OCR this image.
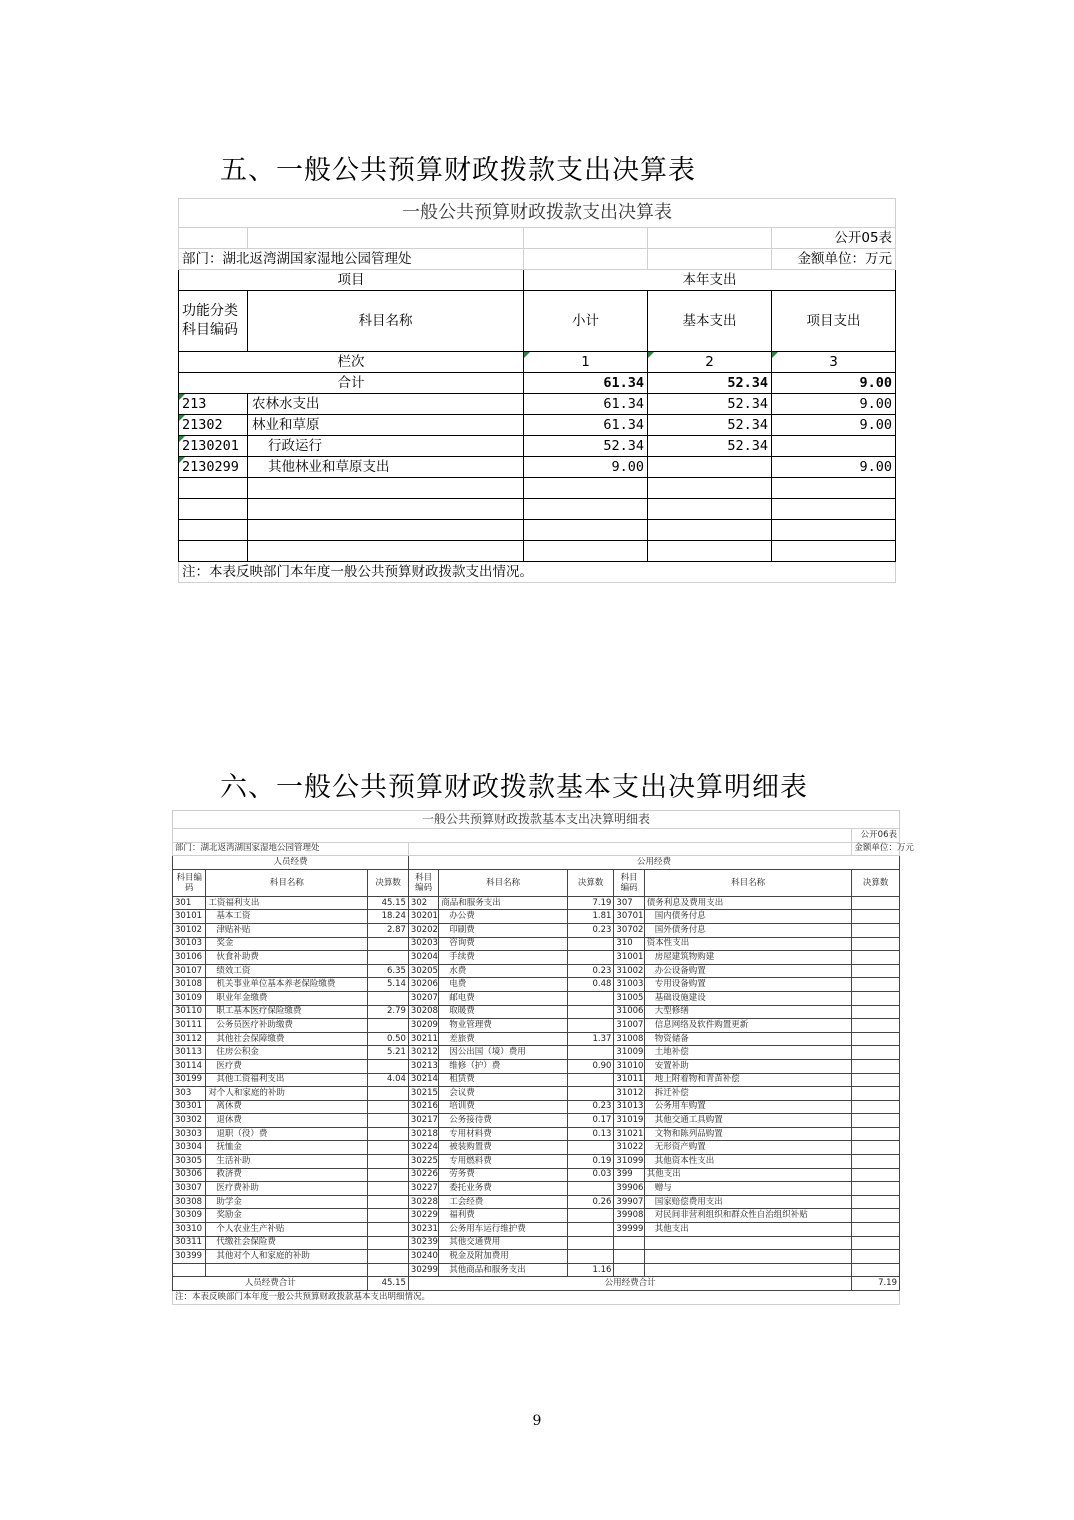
五、一般公共预算财政拨款支出决算表
一般公共预算财政拨款支出决算表				
				公开05表
部门：湖北返湾湖国家湿地公园管理处				金额单位：万元
项目		本年支出		
功能分类科目编码	科目名称	小计	基本支出	项目支出
栏次		1	2	3
合计		61.34	52.34	9.00
213	农林水支出	61.34	52.34	9.00
21302	林业和草原	61.34	52.34	9.00
2130201	行政运行	52.34	52.34	
2130299	其他林业和草原支出	9.00		9.00

注：本表反映部门本年度一般公共预算财政拨款支出情况。				
六、一般公共预算财政拨款基本支出决算明细表
一般公共预算财政拨款基本支出决算明细表								
								公开06表
部门：湖北返湾湖国家湿地公园管理处								金额单位：万元
人员经费			公用经费					
科目编码	科目名称	决算数	科目编码	科目名称	决算数	科目编码	科目名称	决算数
301	工资福利支出	45.15	302	商品和服务支出	7.19	307	债务利息及费用支出	
30101	基本工资	18.24	30201	办公费	1.81	30701	国内债务付息	
30102	津贴补贴	2.87	30202	印刷费	0.23	30702	国外债务付息	
30103	奖金		30203	咨询费		310	资本性支出	
30106	伙食补助费		30204	手续费		31001	房屋建筑物购建	
30107	绩效工资	6.35	30205	水费	0.23	31002	办公设备购置	
30108	机关事业单位基本养老保险缴费	5.14	30206	电费	0.48	31003	专用设备购置	
30109	职业年金缴费		30207	邮电费		31005	基础设施建设	
30110	职工基本医疗保险缴费	2.79	30208	取暖费		31006	大型修缮	
30111	公务员医疗补助缴费		30209	物业管理费		31007	信息网络及软件购置更新	
30112	其他社会保障缴费	0.50	30211	差旅费	1.37	31008	物资储备	
30113	住房公积金	5.21	30212	因公出国（境）费用		31009	土地补偿	
30114	医疗费		30213	维修（护）费	0.90	31010	安置补助	
30199	其他工资福利支出	4.04	30214	租赁费		31011	地上附着物和青苗补偿	
303	对个人和家庭的补助		30215	会议费		31012	拆迁补偿	
30301	离休费		30216	培训费	0.23	31013	公务用车购置	
30302	退休费		30217	公务接待费	0.17	31019	其他交通工具购置	
30303	退职（役）费		30218	专用材料费	0.13	31021	文物和陈列品购置	
30304	抚恤金		30224	被装购置费		31022	无形资产购置	
30305	生活补助		30225	专用燃料费	0.19	31099	其他资本性支出	
30306	救济费		30226	劳务费	0.03	399	其他支出	
30307	医疗费补助		30227	委托业务费		39906	赠与	
30308	助学金		30228	工会经费	0.26	39907	国家赔偿费用支出	
30309	奖励金		30229	福利费		39908	对民间非营利组织和群众性自治组织补贴	
30310	个人农业生产补贴		30231	公务用车运行维护费		39999	其他支出	
30311	代缴社会保险费		30239	其他交通费用				
30399	其他对个人和家庭的补助		30240	税金及附加费用				
			30299	其他商品和服务支出	1.16			
人员经费合计		45.15	公用经费合计					7.19
注：本表反映部门本年度一般公共预算财政拨款基本支出明细情况。								
9
